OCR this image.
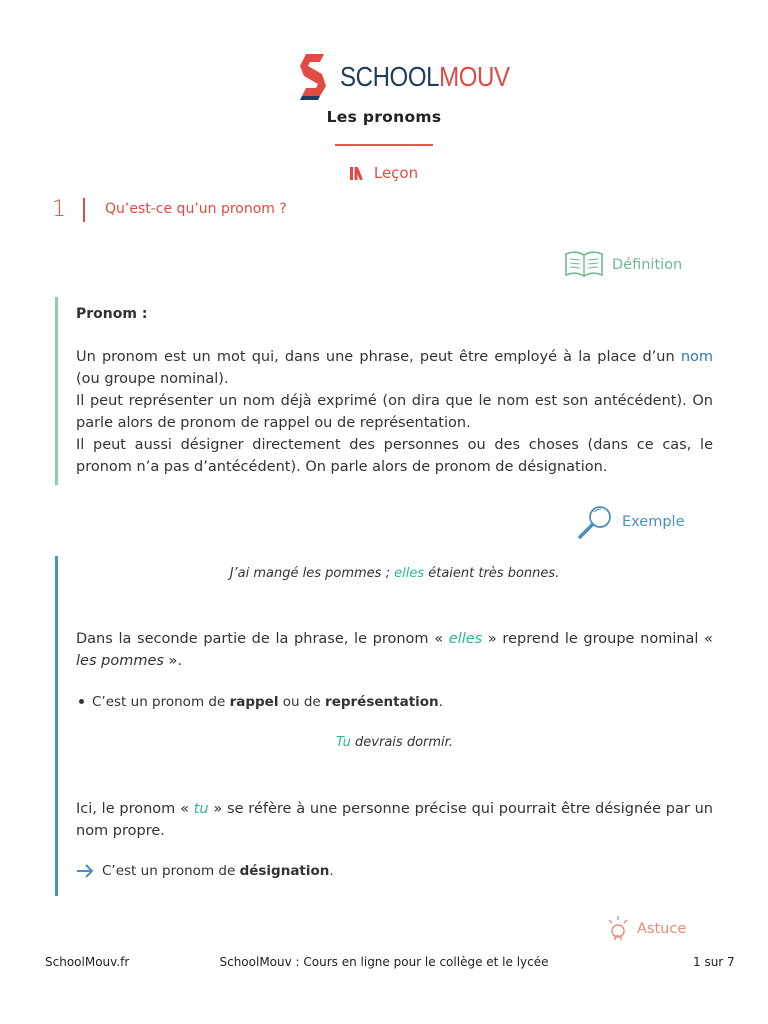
SCHOOLMOUV
Les pronoms
Leçon
1	Qu’est-ce qu’un pronom ?
Définition
Pronom :

Un pronom est un mot qui, dans une phrase, peut être employé à la place d’un nom (ou groupe nominal).

Il peut représenter un nom déjà exprimé (on dira que le nom est son antécédent). On parle alors de pronom de rappel ou de représentation.

Il peut aussi désigner directement des personnes ou des choses (dans ce cas, le pronom n’a pas d’antécédent). On parle alors de pronom de désignation.

Exemple
J’ai mangé les pommes ; elles étaient très bonnes.
Dans la seconde partie de la phrase, le pronom « elles » reprend le groupe nominal « les pommes ».
C’est un pronom de rappel ou de représentation.
Tu devrais dormir.
Ici, le pronom « tu » se réfère à une personne précise qui pourrait être désignée par un nom propre.
C’est un pronom de désignation.
Astuce
SchoolMouv.fr	SchoolMouv : Cours en ligne pour le collège et le lycée	1 sur 7
